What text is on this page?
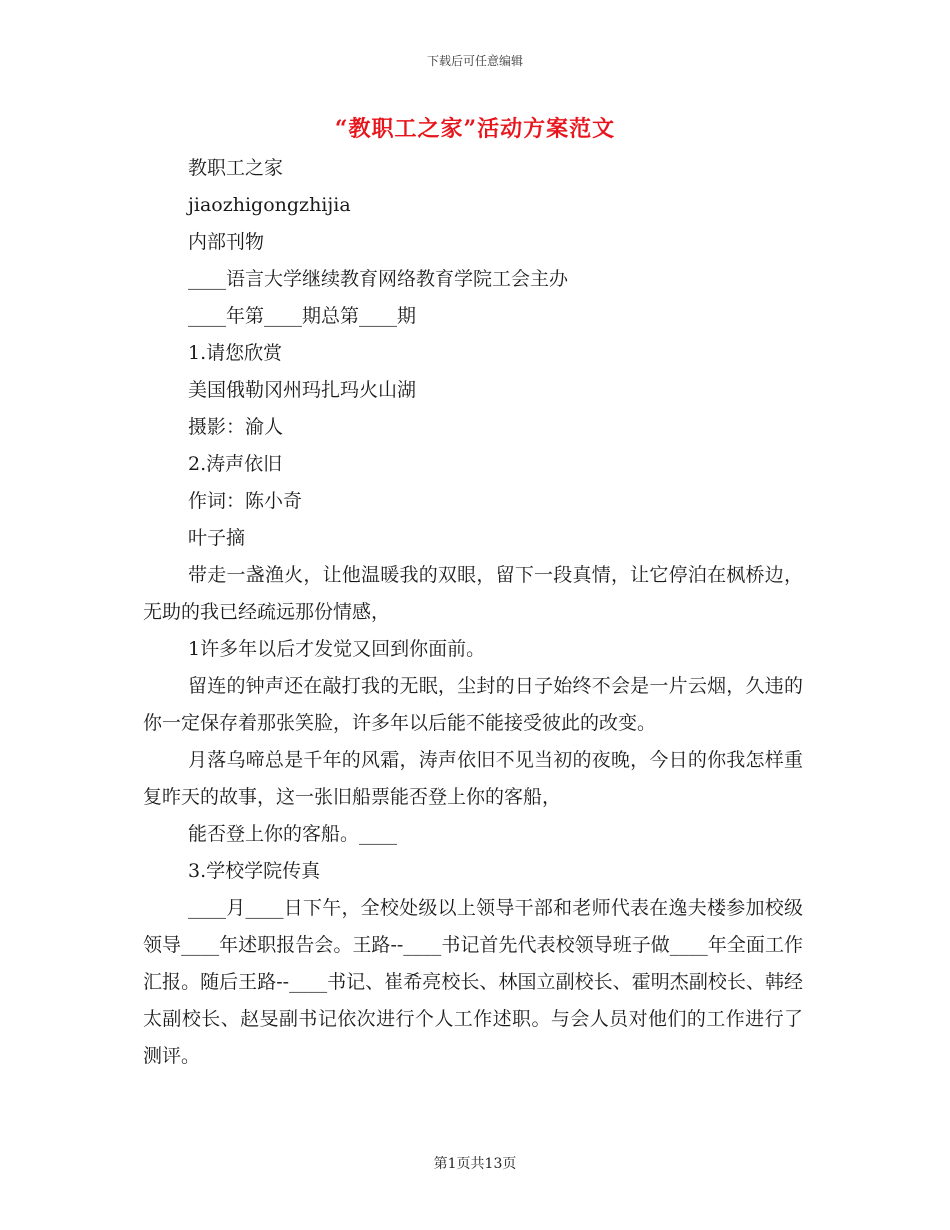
下载后可任意编辑
“教职工之家”活动方案范文
教职工之家
jiaozhigongzhijia
内部刊物
____语言大学继续教育网络教育学院工会主办
____年第____期总第____期
1.请您欣赏
美国俄勒冈州玛扎玛火山湖
摄影：渝人
2.涛声依旧
作词：陈小奇
叶子摘
带走一盏渔火，让他温暖我的双眼，留下一段真情，让它停泊在枫桥边，无助的我已经疏远那份情感，
1许多年以后才发觉又回到你面前。
留连的钟声还在敲打我的无眠，尘封的日子始终不会是一片云烟，久违的你一定保存着那张笑脸，许多年以后能不能接受彼此的改变。
月落乌啼总是千年的风霜，涛声依旧不见当初的夜晚，今日的你我怎样重复昨天的故事，这一张旧船票能否登上你的客船，
能否登上你的客船。____
3.学校学院传真
____月____日下午，全校处级以上领导干部和老师代表在逸夫楼参加校级领导____年述职报告会。王路--____书记首先代表校领导班子做____年全面工作汇报。随后王路--____书记、崔希亮校长、林国立副校长、霍明杰副校长、韩经太副校长、赵旻副书记依次进行个人工作述职。与会人员对他们的工作进行了测评。
第1页共13页
